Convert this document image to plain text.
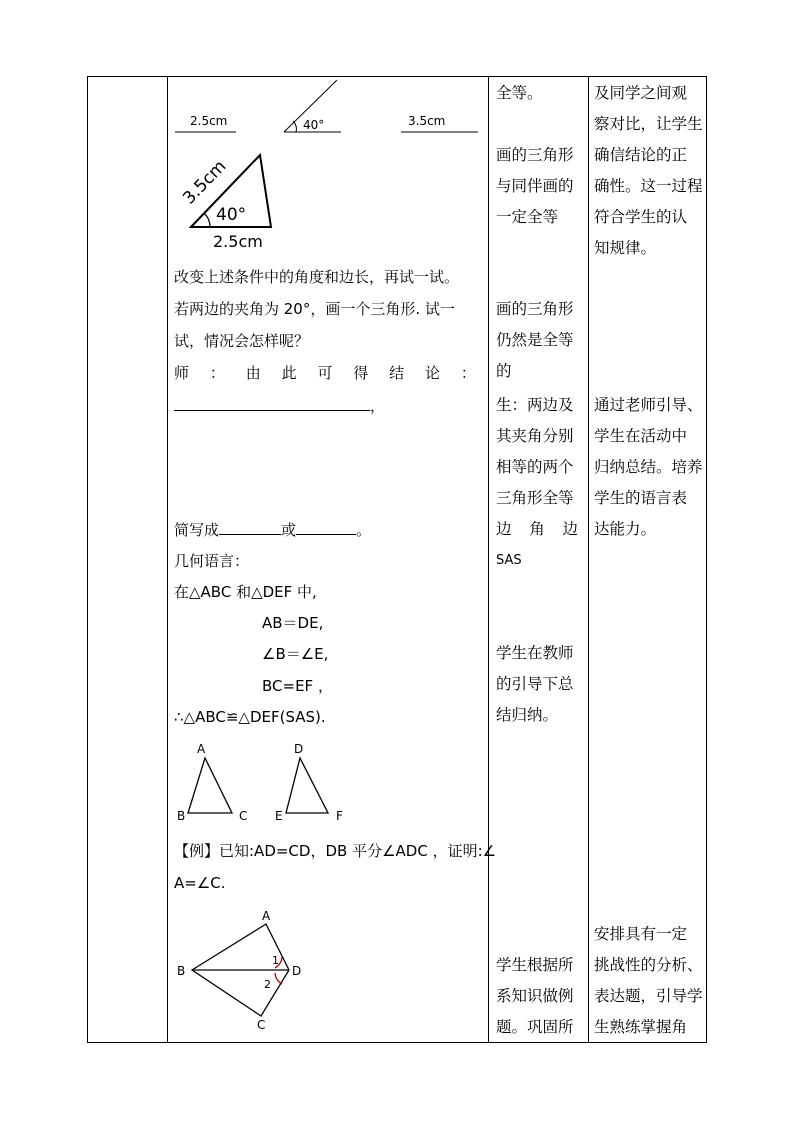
2.5cm	40°	3.5cm
3.5cm
40°
2.5cm
改变上述条件中的角度和边长，再试一试。
若两边的夹角为 20°，画一个三角形. 试一
试，情况会怎样呢？
师 ： 由 此 可 得 结 论 ：
，
简写成	或	。
几何语言：
在△ABC 和△DEF 中,
AB＝DE,
∠B＝∠E,
BC=EF ，
∴△ABC≌△DEF(SAS).
A
B	C
D
E	F
【例】已知:AD=CD，DB 平分∠ADC ，证明:∠
A=∠C.
A
B
C
D
1
2
全等。
画的三角形
与同伴画的
一定全等
画的三角形
仍然是全等
的
生：两边及
其夹角分别
相等的两个
三角形全等
边 角 边
SAS
学生在教师
的引导下总
结归纳。
学生根据所
系知识做例
题。巩固所
及同学之间观
察对比，让学生
确信结论的正
确性。这一过程
符合学生的认
知规律。
通过老师引导、
学生在活动中
归纳总结。培养
学生的语言表
达能力。
安排具有一定
挑战性的分析、
表达题，引导学
生熟练掌握角
